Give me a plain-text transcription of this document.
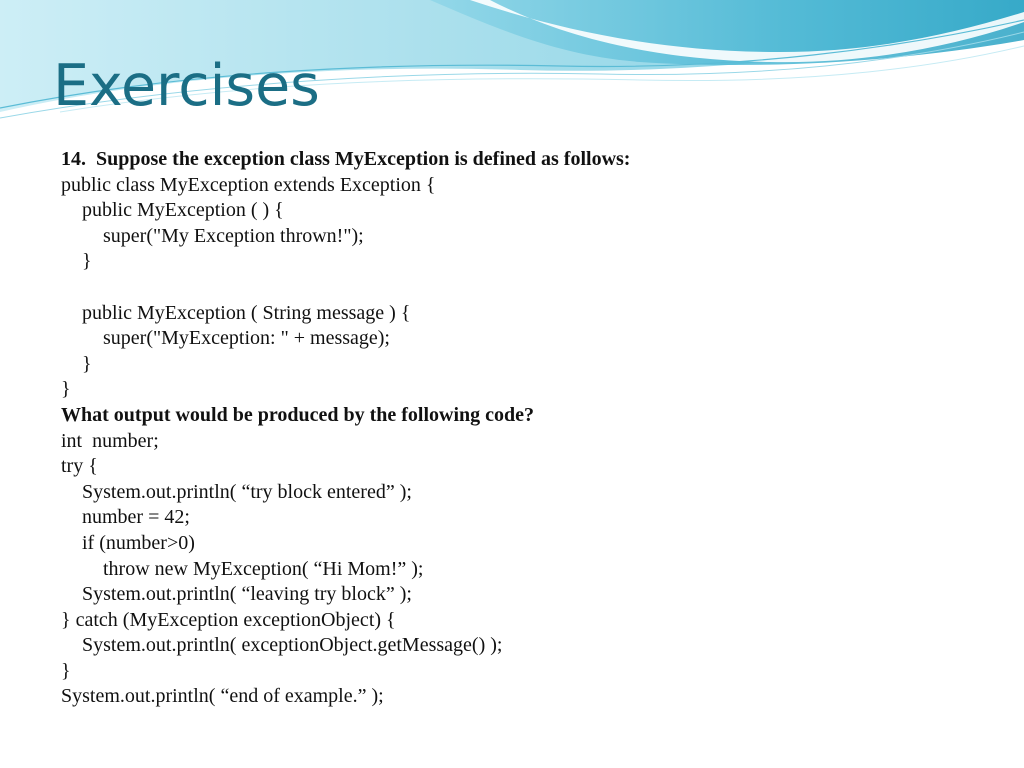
Exercises
14.  Suppose the exception class MyException is defined as follows:
public class MyException extends Exception {
public MyException ( ) {
super("My Exception thrown!");
}
public MyException ( String message ) {
super("MyException: " + message);
}
}
What output would be produced by the following code?
int  number;
try {
System.out.println( “try block entered” );
number = 42;
if (number>0)
throw new MyException( “Hi Mom!” );
System.out.println( “leaving try block” );
} catch (MyException exceptionObject) {
System.out.println( exceptionObject.getMessage() );
}
System.out.println( “end of example.” );
